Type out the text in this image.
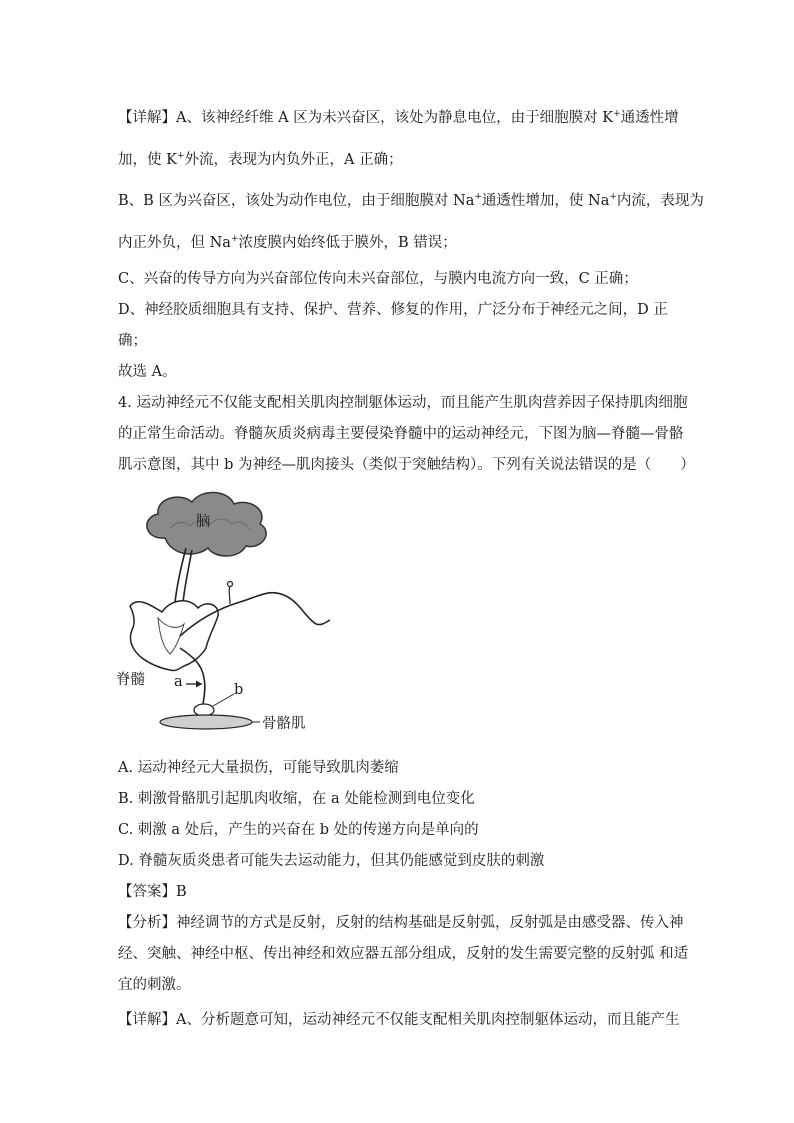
【详解】A、该神经纤维 A 区为未兴奋区，该处为静息电位，由于细胞膜对 K+通透性增
加，使 K+外流，表现为内负外正，A 正确；
B、B 区为兴奋区，该处为动作电位，由于细胞膜对 Na+通透性增加，使 Na+内流，表现为
内正外负，但 Na+浓度膜内始终低于膜外，B 错误；
C、兴奋的传导方向为兴奋部位传向未兴奋部位，与膜内电流方向一致，C 正确；
D、神经胶质细胞具有支持、保护、营养、修复的作用，广泛分布于神经元之间，D 正
确；
故选 A。
4. 运动神经元不仅能支配相关肌肉控制躯体运动，而且能产生肌肉营养因子保持肌肉细胞
的正常生命活动。脊髓灰质炎病毒主要侵染脊髓中的运动神经元，下图为脑—脊髓—骨骼
肌示意图，其中 b 为神经—肌肉接头（类似于突触结构）。下列有关说法错误的是（　　）
脑
脊髓 a	b
骨骼肌
A. 运动神经元大量损伤，可能导致肌肉萎缩
B. 刺激骨骼肌引起肌肉收缩，在 a 处能检测到电位变化
C. 刺激 a 处后，产生的兴奋在 b 处的传递方向是单向的
D. 脊髓灰质炎患者可能失去运动能力，但其仍能感觉到皮肤的刺激
【答案】B
【分析】神经调节的方式是反射，反射的结构基础是反射弧，反射弧是由感受器、传入神
经、突触、神经中枢、传出神经和效应器五部分组成，反射的发生需要完整的反射弧 和适
宜的刺激。
【详解】A、分析题意可知，运动神经元不仅能支配相关肌肉控制躯体运动，而且能产生
